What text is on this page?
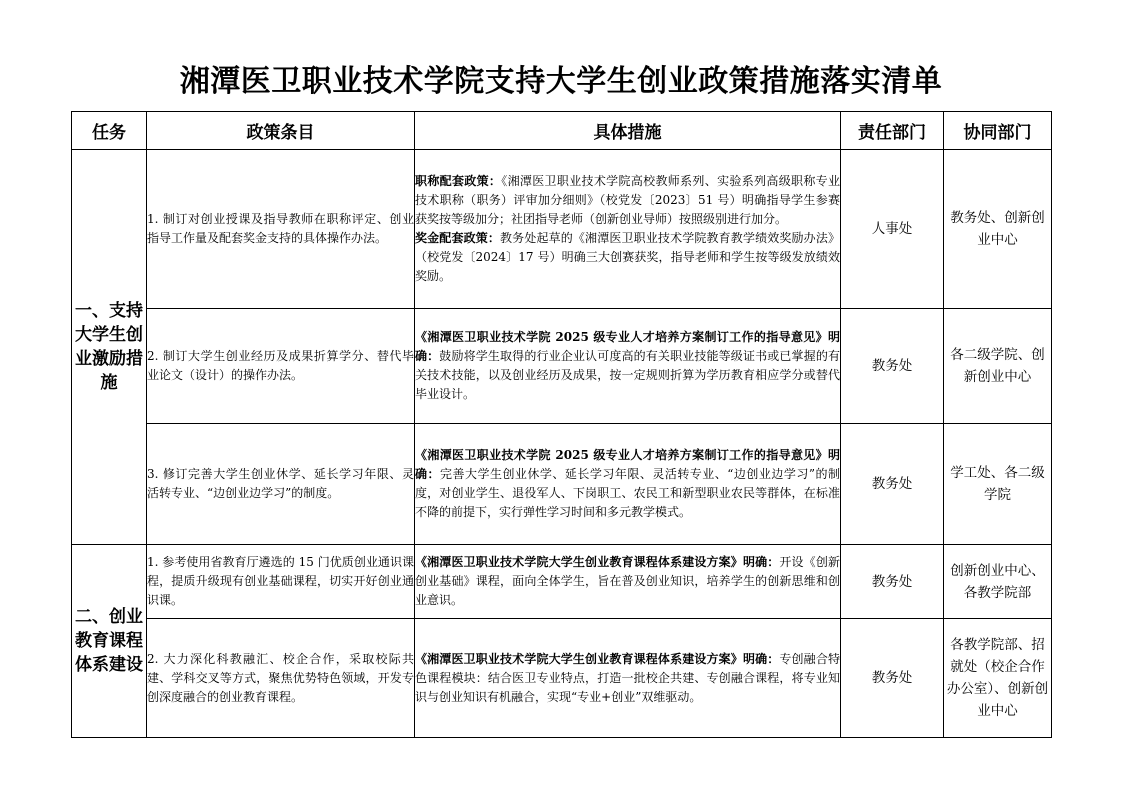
湘潭医卫职业技术学院支持大学生创业政策措施落实清单
任务	政策条目	具体措施	责任部门	协同部门
一、支持大学生创业激励措施	1. 制订对创业授课及指导教师在职称评定、创业指导工作量及配套奖金支持的具体操作办法。	职称配套政策：《湘潭医卫职业技术学院高校教师系列、实验系列高级职称专业技术职称（职务）评审加分细则》（校党发〔2023〕51 号）明确指导学生参赛获奖按等级加分；社团指导老师（创新创业导师）按照级别进行加分。
奖金配套政策：教务处起草的《湘潭医卫职业技术学院教育教学绩效奖励办法》（校党发〔2024〕17 号）明确三大创赛获奖，指导老师和学生按等级发放绩效奖励。	人事处	教务处、创新创业中心
	2. 制订大学生创业经历及成果折算学分、替代毕业论文（设计）的操作办法。	《湘潭医卫职业技术学院 2025 级专业人才培养方案制订工作的指导意见》明确：鼓励将学生取得的行业企业认可度高的有关职业技能等级证书或已掌握的有关技术技能，以及创业经历及成果，按一定规则折算为学历教育相应学分或替代毕业设计。	教务处	各二级学院、创新创业中心
	3. 修订完善大学生创业休学、延长学习年限、灵活转专业、“边创业边学习”的制度。	《湘潭医卫职业技术学院 2025 级专业人才培养方案制订工作的指导意见》明确：完善大学生创业休学、延长学习年限、灵活转专业、“边创业边学习”的制度，对创业学生、退役军人、下岗职工、农民工和新型职业农民等群体，在标准不降的前提下，实行弹性学习时间和多元教学模式。	教务处	学工处、各二级学院
二、创业教育课程体系建设	1. 参考使用省教育厅遴选的 15 门优质创业通识课程，提质升级现有创业基础课程，切实开好创业通识课。	《湘潭医卫职业技术学院大学生创业教育课程体系建设方案》明确：开设《创新创业基础》课程，面向全体学生，旨在普及创业知识，培养学生的创新思维和创业意识。	教务处	创新创业中心、各教学院部
	2. 大力深化科教融汇、校企合作，采取校际共建、学科交叉等方式，聚焦优势特色领域，开发专创深度融合的创业教育课程。	《湘潭医卫职业技术学院大学生创业教育课程体系建设方案》明确：专创融合特色课程模块：结合医卫专业特点，打造一批校企共建、专创融合课程，将专业知识与创业知识有机融合，实现“专业+创业”双维驱动。	教务处	各教学院部、招就处（校企合作办公室）、创新创业中心
